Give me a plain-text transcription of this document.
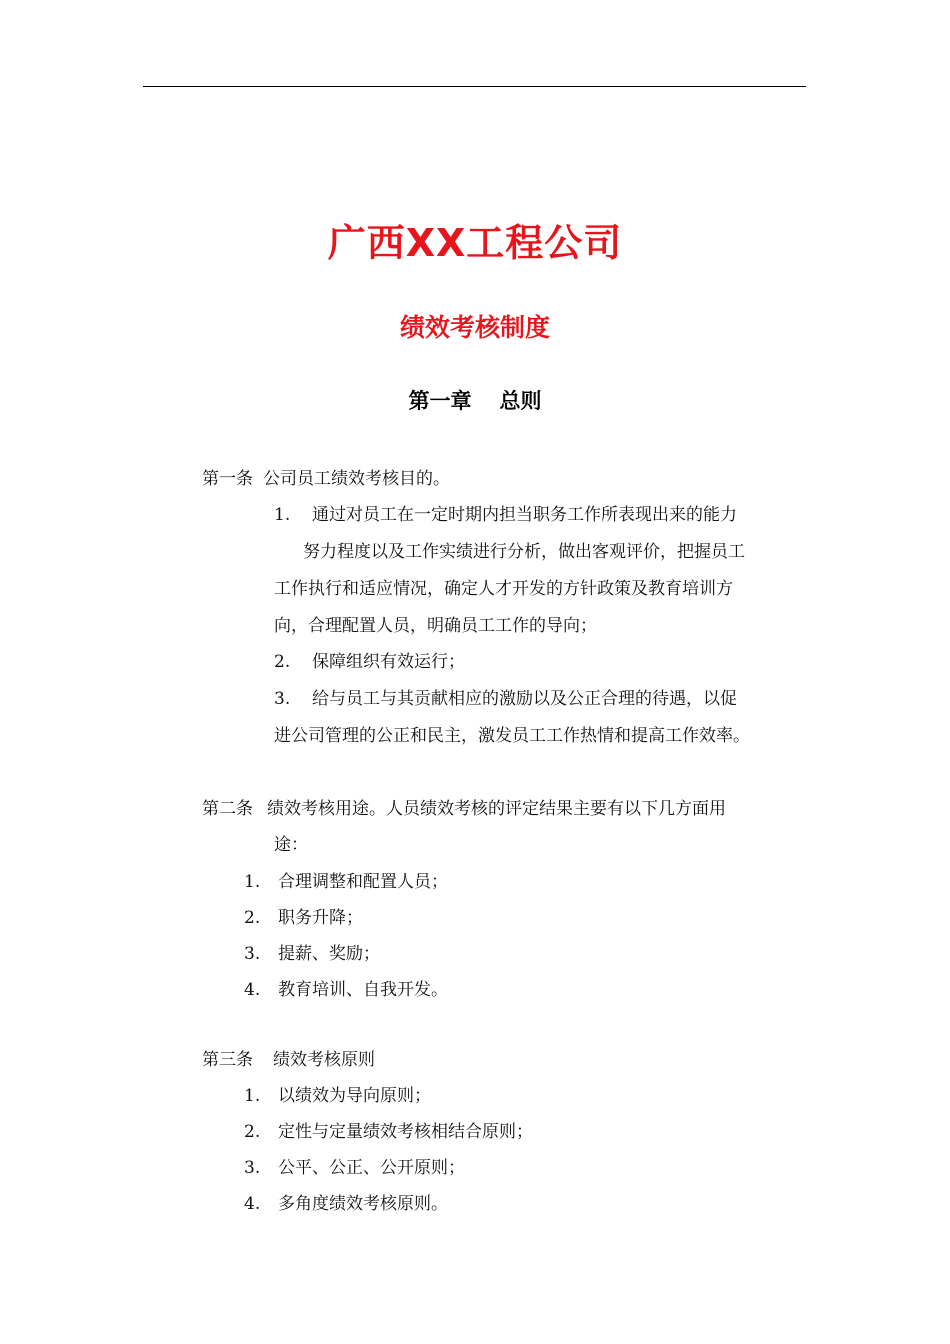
广西XX工程公司
绩效考核制度
第一章 总则
第一条 公司员工绩效考核目的。
1. 通过对员工在一定时期内担当职务工作所表现出来的能力
努力程度以及工作实绩进行分析，做出客观评价，把握员工
工作执行和适应情况，确定人才开发的方针政策及教育培训方
向，合理配置人员，明确员工工作的导向；
2. 保障组织有效运行；
3. 给与员工与其贡献相应的激励以及公正合理的待遇，以促
进公司管理的公正和民主，激发员工工作热情和提高工作效率。
第二条 绩效考核用途。人员绩效考核的评定结果主要有以下几方面用
途：
1. 合理调整和配置人员；
2. 职务升降；
3. 提薪、奖励；
4. 教育培训、自我开发。
第三条 绩效考核原则
1. 以绩效为导向原则；
2. 定性与定量绩效考核相结合原则；
3. 公平、公正、公开原则；
4. 多角度绩效考核原则。
